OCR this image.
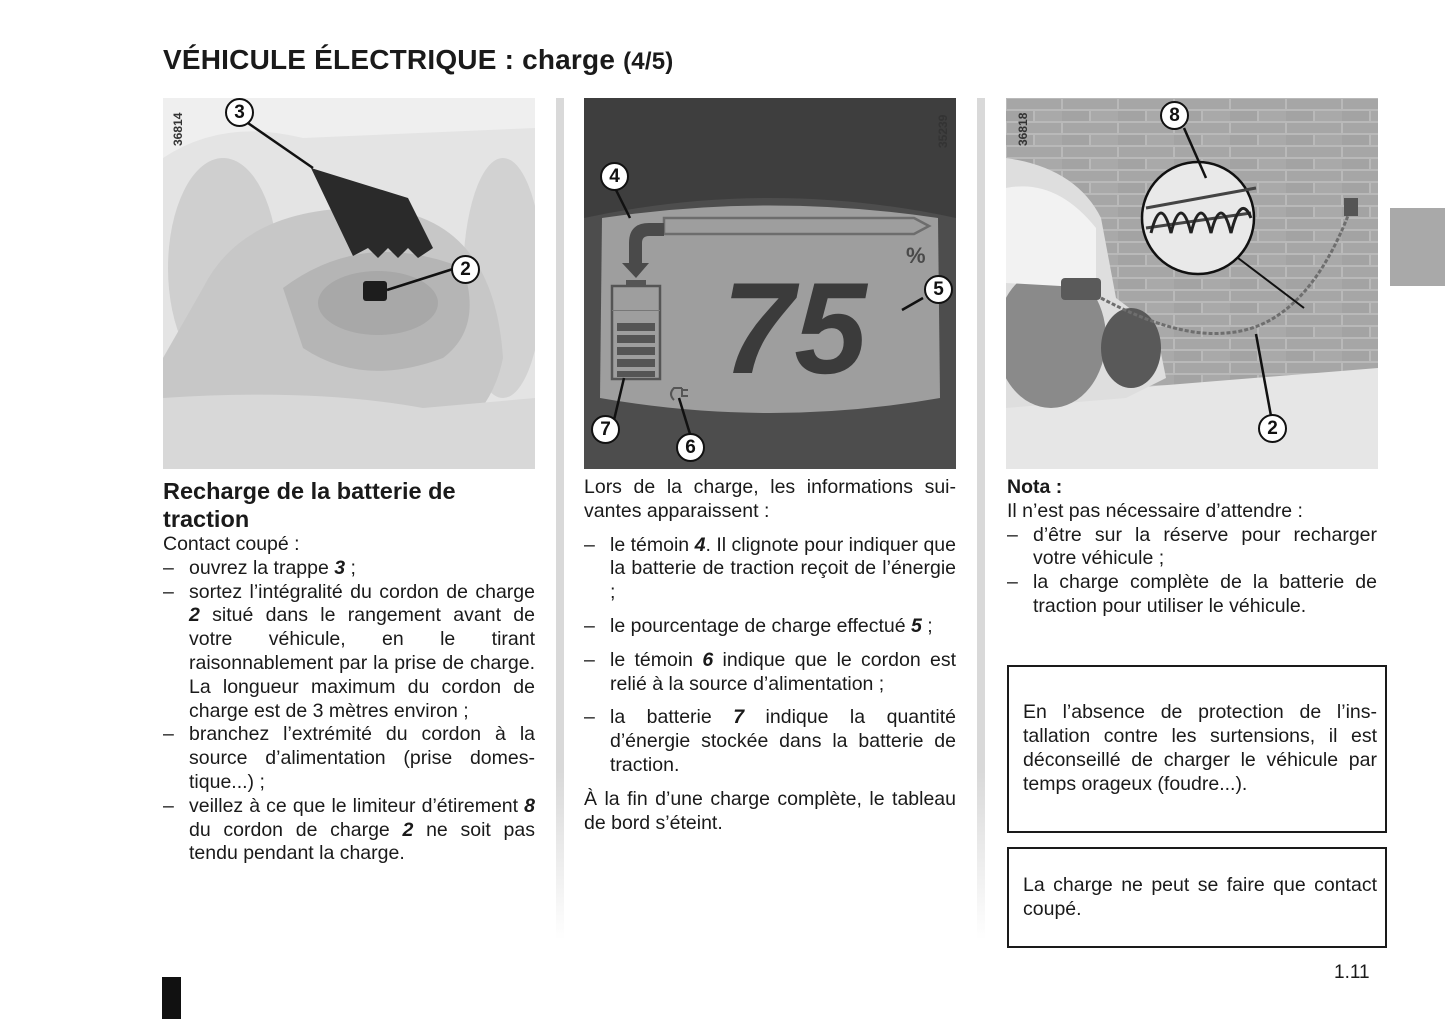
VÉHICULE ÉLECTRIQUE : charge (4/5)
36814
3
2 75 %
35239
4
5
7
6
36818	8
2

Recharge de la batterie de traction

Contact coupé :

– ouvrez la trappe 3 ;

– sortez l’intégralité du cordon de charge 2 situé dans le rangement avant de votre véhicule, en le tirant raisonnablement par la prise de charge. La longueur maximum du cordon de charge est de 3 mètres environ ;

– branchez l’extrémité du cordon à la source d’alimentation (prise domestique...) ;

– veillez à ce que le limiteur d’étirement 8 du cordon de charge 2 ne soit pas tendu pendant la charge.

Lors de la charge, les informations suivantes apparaissent :

– le témoin 4. Il clignote pour indiquer que la batterie de traction reçoit de l’énergie ;

– le pourcentage de charge effectué 5 ;

– le témoin 6 indique que le cordon est relié à la source d’alimentation ;

– la batterie 7 indique la quantité d’énergie stockée dans la batterie de traction.

À la fin d’une charge complète, le tableau de bord s’éteint.

Nota :

Il n’est pas nécessaire d’attendre :

– d’être sur la réserve pour recharger votre véhicule ;

– la charge complète de la batterie de traction pour utiliser le véhicule.

En l’absence de protection de l’installation contre les surtensions, il est déconseillé de charger le véhicule par temps orageux (foudre...).
La charge ne peut se faire que contact coupé.
1.11
